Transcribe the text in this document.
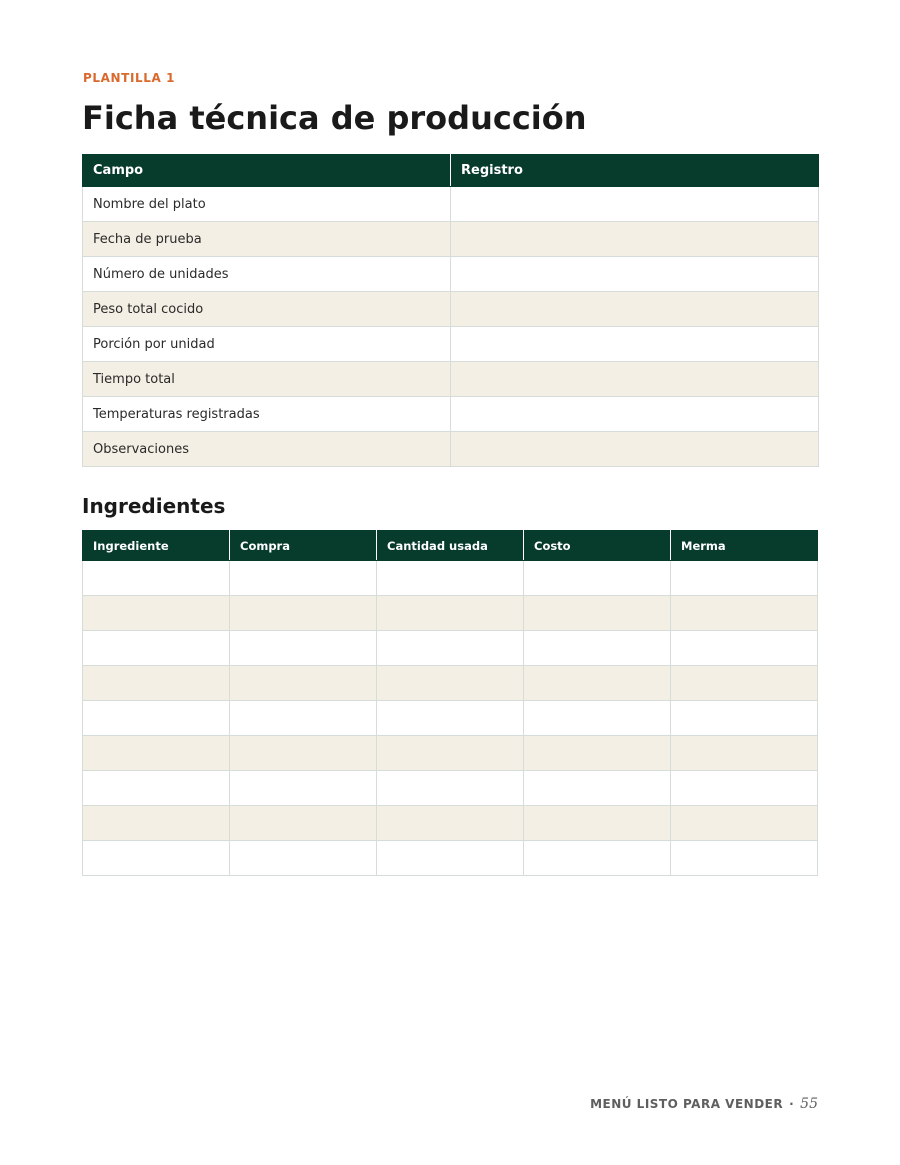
PLANTILLA 1
Ficha técnica de producción
Campo	Registro
Nombre del plato	
Fecha de prueba	
Número de unidades	
Peso total cocido	
Porción por unidad	
Tiempo total	
Temperaturas registradas	
Observaciones	
Ingredientes
Ingrediente	Compra	Cantidad usada	Costo	Merma

MENÚ LISTO PARA VENDER · 55
